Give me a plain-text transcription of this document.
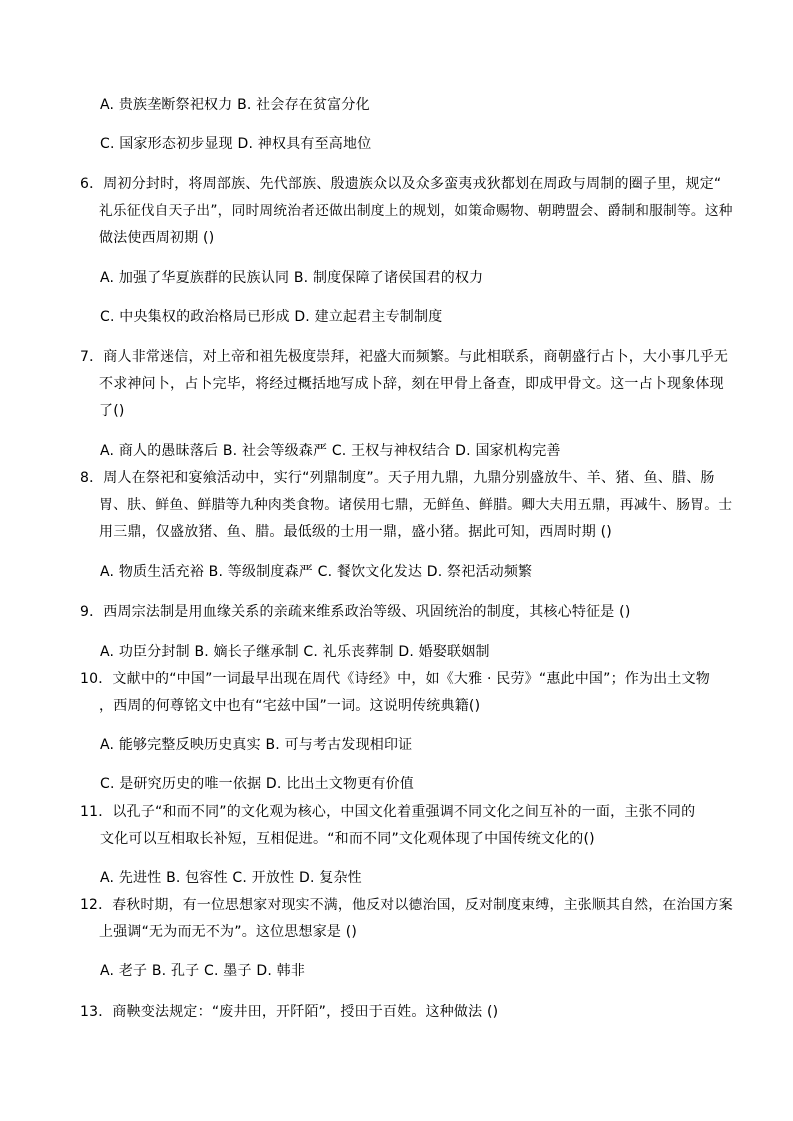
A. 贵族垄断祭祀权力 B. 社会存在贫富分化
C. 国家形态初步显现 D. 神权具有至高地位
6．周初分封时，将周部族、先代部族、殷遗族众以及众多蛮夷戎狄都划在周政与周制的圈子里，规定“
礼乐征伐自天子出”，同时周统治者还做出制度上的规划，如策命赐物、朝聘盟会、爵制和服制等。这种
做法使西周初期 ()
A. 加强了华夏族群的民族认同 B. 制度保障了诸侯国君的权力
C. 中央集权的政治格局已形成 D. 建立起君主专制制度
7．商人非常迷信，对上帝和祖先极度崇拜，祀盛大而频繁。与此相联系，商朝盛行占卜，大小事几乎无
不求神问卜，占卜完毕，将经过概括地写成卜辞，刻在甲骨上备查，即成甲骨文。这一占卜现象体现
了()
A. 商人的愚昧落后 B. 社会等级森严 C. 王权与神权结合 D. 国家机构完善
8．周人在祭祀和宴飨活动中，实行“列鼎制度”。天子用九鼎，九鼎分别盛放牛、羊、猪、鱼、腊、肠
胃、肤、鲜鱼、鲜腊等九种肉类食物。诸侯用七鼎，无鲜鱼、鲜腊。卿大夫用五鼎，再减牛、肠胃。士
用三鼎，仅盛放猪、鱼、腊。最低级的士用一鼎，盛小猪。据此可知，西周时期 ()
A. 物质生活充裕 B. 等级制度森严 C. 餐饮文化发达 D. 祭祀活动频繁
9．西周宗法制是用血缘关系的亲疏来维系政治等级、巩固统治的制度，其核心特征是 ()
A. 功臣分封制 B. 嫡长子继承制 C. 礼乐丧葬制 D. 婚娶联姻制
10．文献中的“中国”一词最早出现在周代《诗经》中，如《大雅 · 民劳》“惠此中国”；作为出土文物
，西周的何尊铭文中也有“宅兹中国”一词。这说明传统典籍()
A. 能够完整反映历史真实 B. 可与考古发现相印证
C. 是研究历史的唯一依据 D. 比出土文物更有价值
11．以孔子“和而不同”的文化观为核心，中国文化着重强调不同文化之间互补的一面，主张不同的
文化可以互相取长补短，互相促进。“和而不同”文化观体现了中国传统文化的()
A. 先进性 B. 包容性 C. 开放性 D. 复杂性
12．春秋时期，有一位思想家对现实不满，他反对以德治国，反对制度束缚，主张顺其自然，在治国方案
上强调“无为而无不为”。这位思想家是 ()
A. 老子 B. 孔子 C. 墨子 D. 韩非
13．商鞅变法规定：“废井田，开阡陌”，授田于百姓。这种做法 ()
